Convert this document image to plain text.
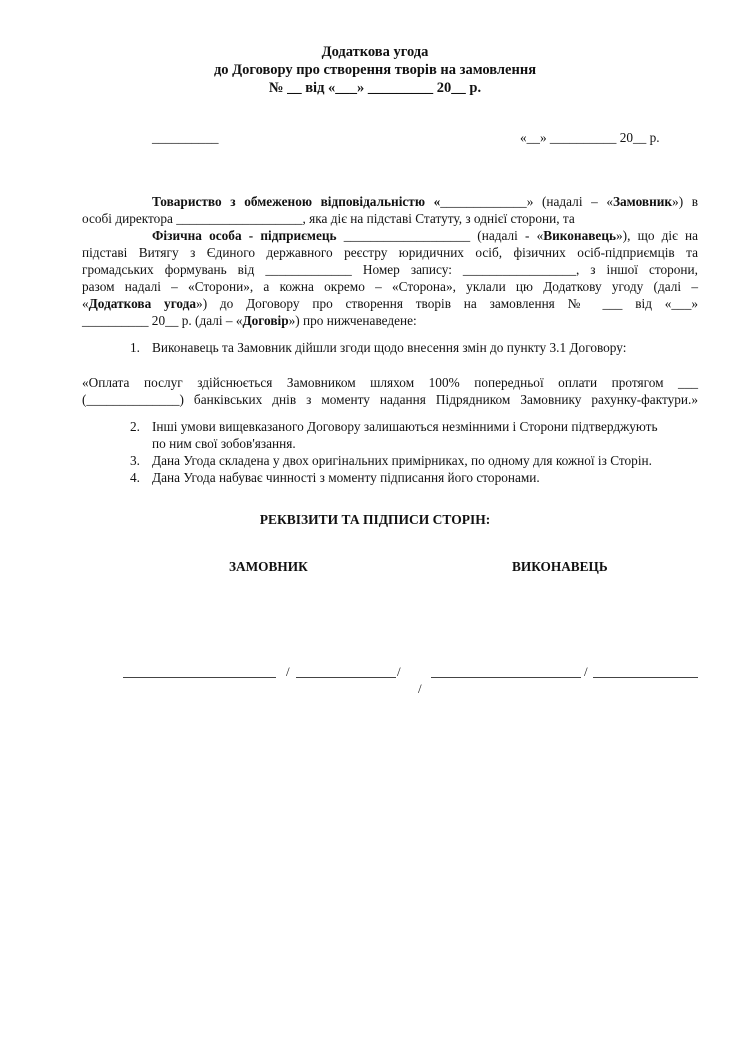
Додаткова угода
до Договору про створення творів на замовлення
№ __ від «___» _________ 20__ р.
__________	«__» __________ 20__ р.
Товариство з обмеженою відповідальністю «_____________» (надалі – «Замовник») в
особі директора ___________________, яка діє на підставі Статуту, з однієї сторони, та
Фізична особа - підприємець ___________________ (надалі - «Виконавець»), що діє на
підставі Витягу з Єдиного державного реєстру юридичних осіб, фізичних осіб-підприємців та
громадських формувань від _____________ Номер запису: _________________, з іншої сторони,
разом надалі – «Сторони», а кожна окремо – «Сторона», уклали цю Додаткову угоду (далі –
«Додаткова угода») до Договору про створення творів на замовлення № ___ від «___»
__________ 20__ р. (далі – «Договір») про нижченаведене:
1. Виконавець та Замовник дійшли згоди щодо внесення змін до пункту 3.1 Договору:
«Оплата послуг здійснюється Замовником шляхом 100% попередньої оплати протягом ___
(______________) банківських днів з моменту надання Підрядником Замовнику рахунку-фактури.»
2. Інші умови вищевказаного Договору залишаються незмінними і Сторони підтверджують
по ним свої зобов'язання.
3. Дана Угода складена у двох оригінальних примірниках, по одному для кожної із Сторін.
4. Дана Угода набуває чинності з моменту підписання його сторонами.
РЕКВІЗИТИ ТА ПІДПИСИ СТОРІН:
ЗАМОВНИК	ВИКОНАВЕЦЬ
/	/
/
/
